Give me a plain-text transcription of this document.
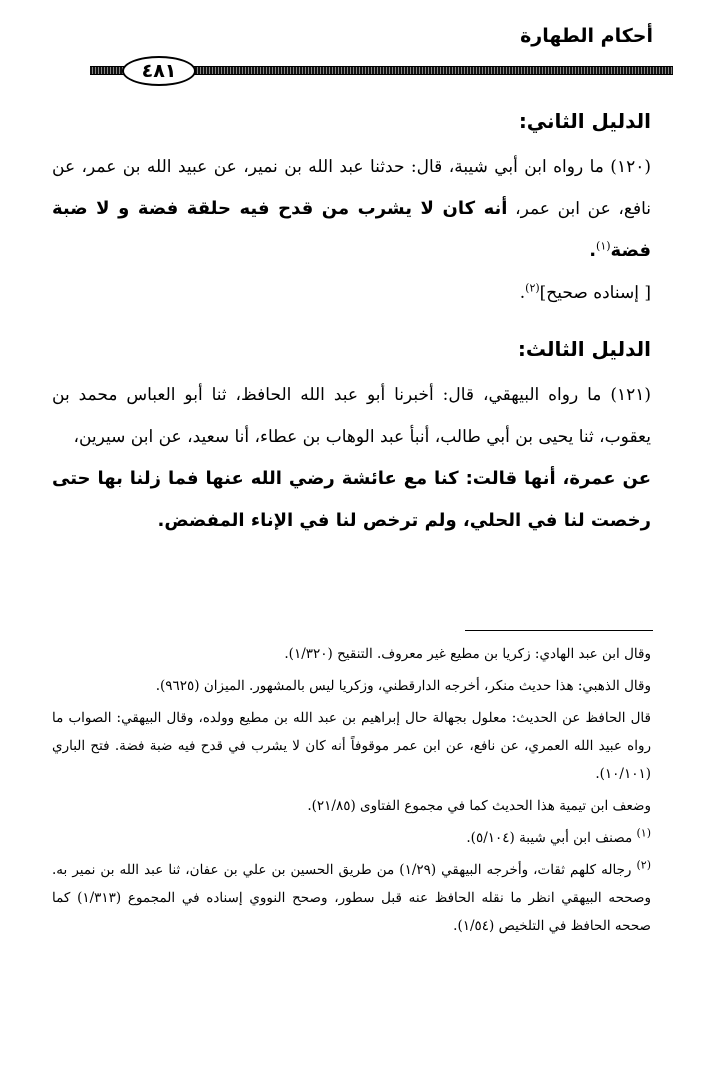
أحكام الطهارة
٤٨١
الدليل الثاني:

(١٢٠) ما رواه ابن أبي شيبة، قال: حدثنا عبد الله بن نمير، عن عبيد الله بن عمر، عن نافع، عن ابن عمر، أنه كان لا يشرب من قدح فيه حلقة فضة و لا ضبة فضة$^{(١)}$.

[ إسناده صحيح]$^{(٢)}$.

الدليل الثالث:

(١٢١) ما رواه البيهقي، قال: أخبرنا أبو عبد الله الحافظ، ثنا أبو العباس محمد بن يعقوب، ثنا يحيى بن أبي طالب، أنبأ عبد الوهاب بن عطاء، أنا سعيد، عن ابن سيرين،

عن عمرة، أنها قالت: كنا مع عائشة رضي الله عنها فما زلنا بها حتى رخصت لنا في الحلي، ولم ترخص لنا في الإناء المفضض.

وقال ابن عبد الهادي: زكريا بن مطيع غير معروف. التنقيح (١/٣٢٠).

وقال الذهبي: هذا حديث منكر، أخرجه الدارقطني، وزكريا ليس بالمشهور. الميزان (٩٦٢٥).

قال الحافظ عن الحديث: معلول بجهالة حال إبراهيم بن عبد الله بن مطيع وولده، وقال البيهقي: الصواب ما رواه عبيد الله العمري، عن نافع، عن ابن عمر موقوفاً أنه كان لا يشرب في قدح فيه ضبة فضة. فتح الباري (١٠/١٠١).

وضعف ابن تيمية هذا الحديث كما في مجموع الفتاوى (٢١/٨٥).

$^{(١)}$ مصنف ابن أبي شيبة (٥/١٠٤).

$^{(٢)}$ رجاله كلهم ثقات، وأخرجه البيهقي (١/٢٩) من طريق الحسين بن علي بن عفان، ثنا عبد الله بن نمير به. وصححه البيهقي انظر ما نقله الحافظ عنه قبل سطور، وصحح النووي إسناده في المجموع (١/٣١٣) كما صححه الحافظ في التلخيص (١/٥٤).
